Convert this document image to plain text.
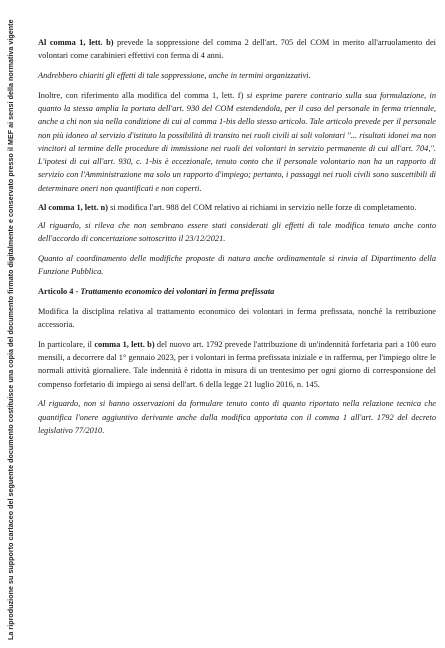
La riproduzione su supporto cartaceo del seguente documento costituisce una copia del documento firmato digitalmente e conservato presso il MEF ai sensi della normativa vigente	Al comma 1, lett. b) prevede la soppressione del comma 2 dell'art. 705 del COM in merito all'arruolamento dei volontari come carabinieri effettivi con ferma di 4 anni.

Andrebbero chiariti gli effetti di tale soppressione, anche in termini organizzativi.

Inoltre, con riferimento alla modifica del comma 1, lett. f) si esprime parere contrario sulla sua formulazione, in quanto la stessa amplia la portata dell'art. 930 del COM estendendola, per il caso del personale in ferma triennale, anche a chi non sia nella condizione di cui al comma 1-bis dello stesso articolo. Tale articolo prevede per il personale non più idoneo al servizio d'istituto la possibilità di transito nei ruoli civili ai soli volontari "... risultati idonei ma non vincitori al termine delle procedure di immissione nei ruoli dei volontari in servizio permanente di cui all'art. 704,". L'ipotesi di cui all'art. 930, c. 1-bis è eccezionale, tenuto conto che il personale volontario non ha un rapporto di servizio con l'Amministrazione ma solo un rapporto d'impiego; pertanto, i passaggi nei ruoli civili sono suscettibili di determinare oneri non quantificati e non coperti.

Al comma 1, lett. n) si modifica l'art. 988 del COM relativo ai richiami in servizio nelle forze di completamento.

Al riguardo, si rileva che non sembrano essere stati considerati gli effetti di tale modifica tenuto anche conto dell'accordo di concertazione sottoscritto il 23/12/2021.

Quanto al coordinamento delle modifiche proposte di natura anche ordinamentale si rinvia al Dipartimento della Funzione Pubblica.

Articolo 4 - Trattamento economico dei volontari in ferma prefissata

Modifica la disciplina relativa al trattamento economico dei volontari in ferma prefissata, nonché la retribuzione accessoria.

In particolare, il comma 1, lett. b) del nuovo art. 1792 prevede l'attribuzione di un'indennità forfetaria pari a 100 euro mensili, a decorrere dal 1° gennaio 2023, per i volontari in ferma prefissata iniziale e in rafferma, per l'impiego oltre le normali attività giornaliere. Tale indennità è ridotta in misura di un trentesimo per ogni giorno di corresponsione del compenso forfetario di impiego ai sensi dell'art. 6 della legge 21 luglio 2016, n. 145.

Al riguardo, non si hanno osservazioni da formulare tenuto conto di quanto riportato nella relazione tecnica che quantifica l'onere aggiuntivo derivante anche dalla modifica apportata con il comma 1 all'art. 1792 del decreto legislativo 77/2010.
